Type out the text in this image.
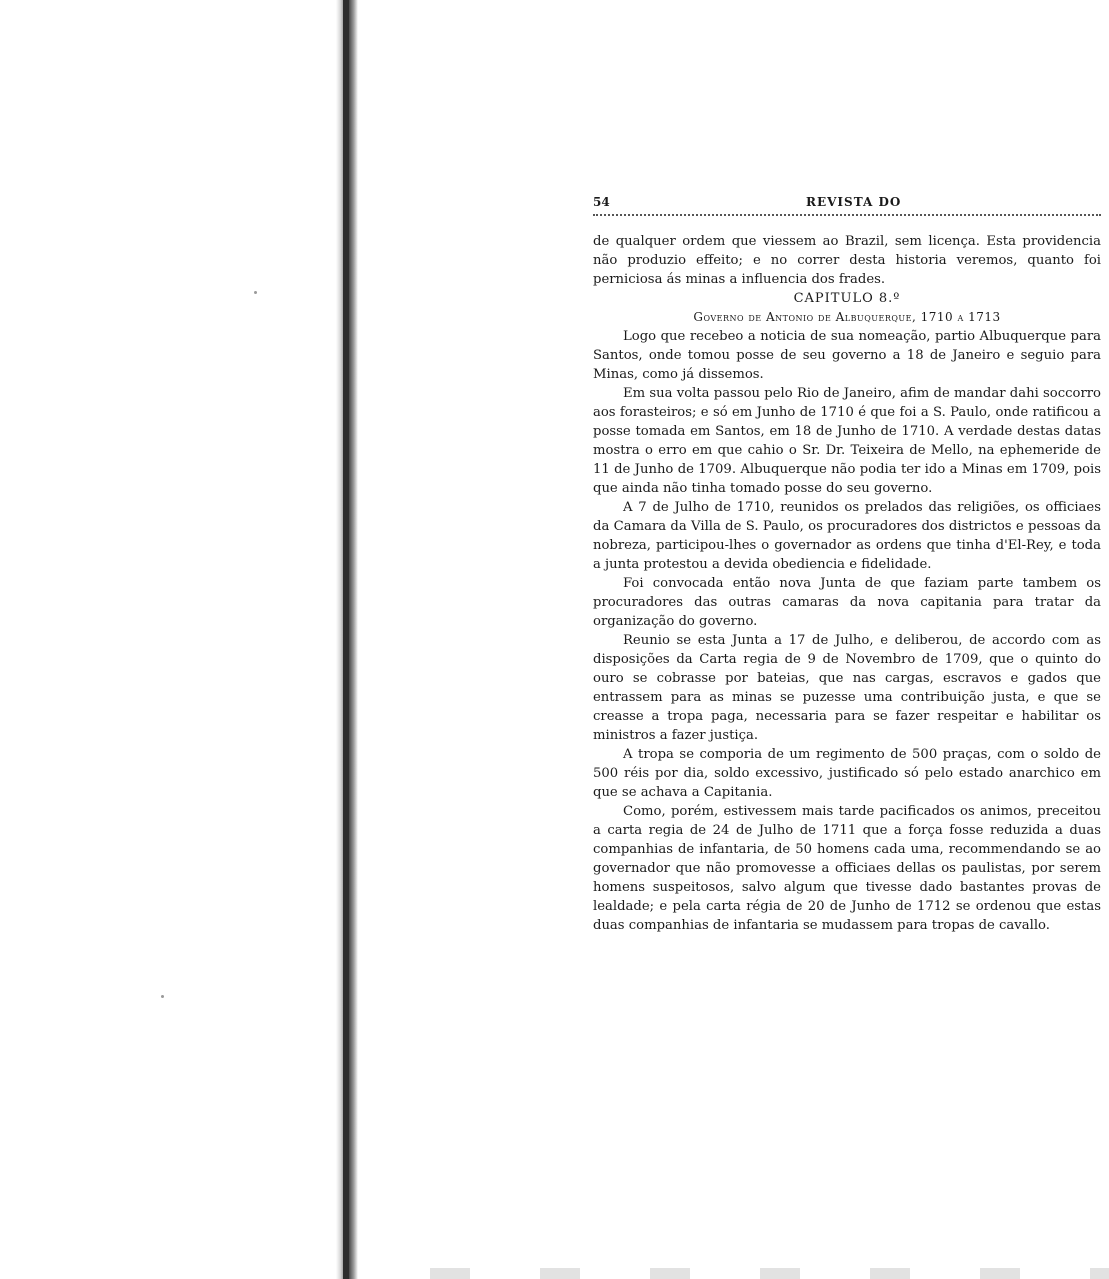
54	REVISTA DO

de qualquer ordem que viessem ao Brazil, sem licença. Esta providencia não produzio effeito; e no correr desta historia veremos, quanto foi perniciosa ás minas a influencia dos frades.

CAPITULO 8.º

Governo de Antonio de Albuquerque, 1710 a 1713

Logo que recebeo a noticia de sua nomeação, partio Albuquerque para Santos, onde tomou posse de seu governo a 18 de Janeiro e seguio para Minas, como já dissemos.

Em sua volta passou pelo Rio de Janeiro, afim de mandar dahi soccorro aos forasteiros; e só em Junho de 1710 é que foi a S. Paulo, onde ratificou a posse tomada em Santos, em 18 de Junho de 1710. A verdade destas datas mostra o erro em que cahio o Sr. Dr. Teixeira de Mello, na ephemeride de 11 de Junho de 1709. Albuquerque não podia ter ido a Minas em 1709, pois que ainda não tinha tomado posse do seu governo.

A 7 de Julho de 1710, reunidos os prelados das religiões, os officiaes da Camara da Villa de S. Paulo, os procuradores dos districtos e pessoas da nobreza, participou-lhes o governador as ordens que tinha d'El-Rey, e toda a junta protestou a devida obediencia e fidelidade.

Foi convocada então nova Junta de que faziam parte tambem os procuradores das outras camaras da nova capitania para tratar da organização do governo.

Reunio se esta Junta a 17 de Julho, e deliberou, de accordo com as disposições da Carta regia de 9 de Novembro de 1709, que o quinto do ouro se cobrasse por bateias, que nas cargas, escravos e gados que entrassem para as minas se puzesse uma contribuição justa, e que se creasse a tropa paga, necessaria para se fazer respeitar e habilitar os ministros a fazer justiça.

A tropa se comporia de um regimento de 500 praças, com o soldo de 500 réis por dia, soldo excessivo, justificado só pelo estado anarchico em que se achava a Capitania.

Como, porém, estivessem mais tarde pacificados os animos, preceitou a carta regia de 24 de Julho de 1711 que a força fosse reduzida a duas companhias de infantaria, de 50 homens cada uma, recommendando se ao governador que não promovesse a officiaes dellas os paulistas, por serem homens suspeitosos, salvo algum que tivesse dado bastantes provas de lealdade; e pela carta régia de 20 de Junho de 1712 se ordenou que estas duas companhias de infantaria se mudassem para tropas de cavallo.
